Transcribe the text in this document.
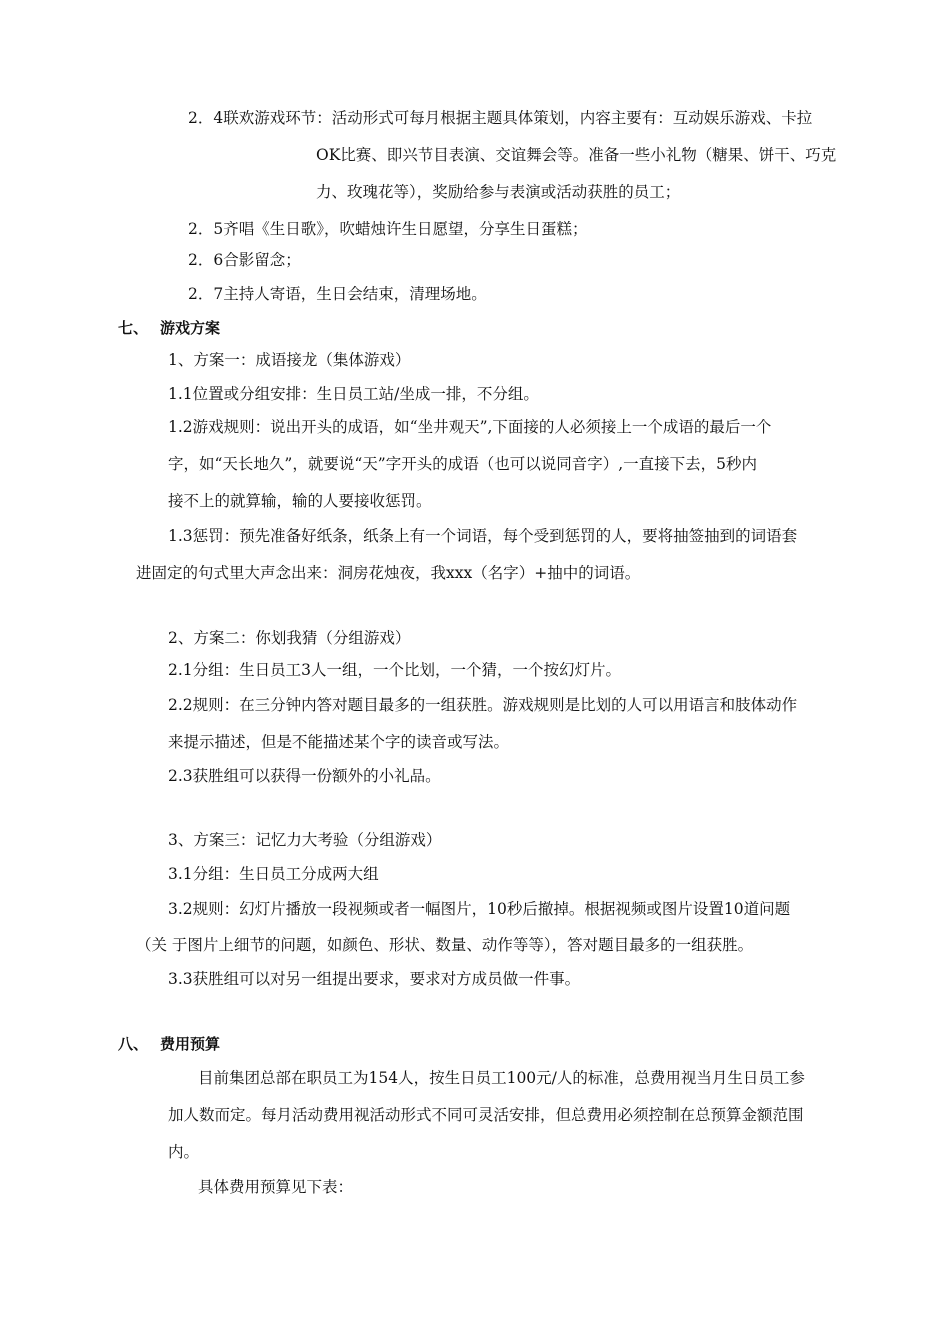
2．4联欢游戏环节：活动形式可每月根据主题具体策划，内容主要有：互动娱乐游戏、卡拉
OK比赛、即兴节目表演、交谊舞会等。准备一些小礼物（糖果、饼干、巧克
力、玫瑰花等），奖励给参与表演或活动获胜的员工；
2．5齐唱《生日歌》，吹蜡烛许生日愿望，分享生日蛋糕；
2．6合影留念；
2．7主持人寄语，生日会结束，清理场地。
七、 游戏方案
1、方案一：成语接龙（集体游戏）
1.1位置或分组安排：生日员工站/坐成一排，不分组。
1.2游戏规则：说出开头的成语，如“坐井观天”,下面接的人必须接上一个成语的最后一个
字，如“天长地久”，就要说“天”字开头的成语（也可以说同音字）,一直接下去，5秒内
接不上的就算输，输的人要接收惩罚。
1.3惩罚：预先准备好纸条，纸条上有一个词语，每个受到惩罚的人，要将抽签抽到的词语套
进固定的句式里大声念出来：洞房花烛夜，我xxx（名字）+抽中的词语。
2、方案二：你划我猜（分组游戏）
2.1分组：生日员工3人一组，一个比划，一个猜，一个按幻灯片。
2.2规则：在三分钟内答对题目最多的一组获胜。游戏规则是比划的人可以用语言和肢体动作
来提示描述，但是不能描述某个字的读音或写法。
2.3获胜组可以获得一份额外的小礼品。
3、方案三：记忆力大考验（分组游戏）
3.1分组：生日员工分成两大组
3.2规则：幻灯片播放一段视频或者一幅图片，10秒后撤掉。根据视频或图片设置10道问题
（关 于图片上细节的问题，如颜色、形状、数量、动作等等），答对题目最多的一组获胜。
3.3获胜组可以对另一组提出要求，要求对方成员做一件事。
八、 费用预算
目前集团总部在职员工为154人，按生日员工100元/人的标准，总费用视当月生日员工参
加人数而定。每月活动费用视活动形式不同可灵活安排，但总费用必须控制在总预算金额范围
内。
具体费用预算见下表：
